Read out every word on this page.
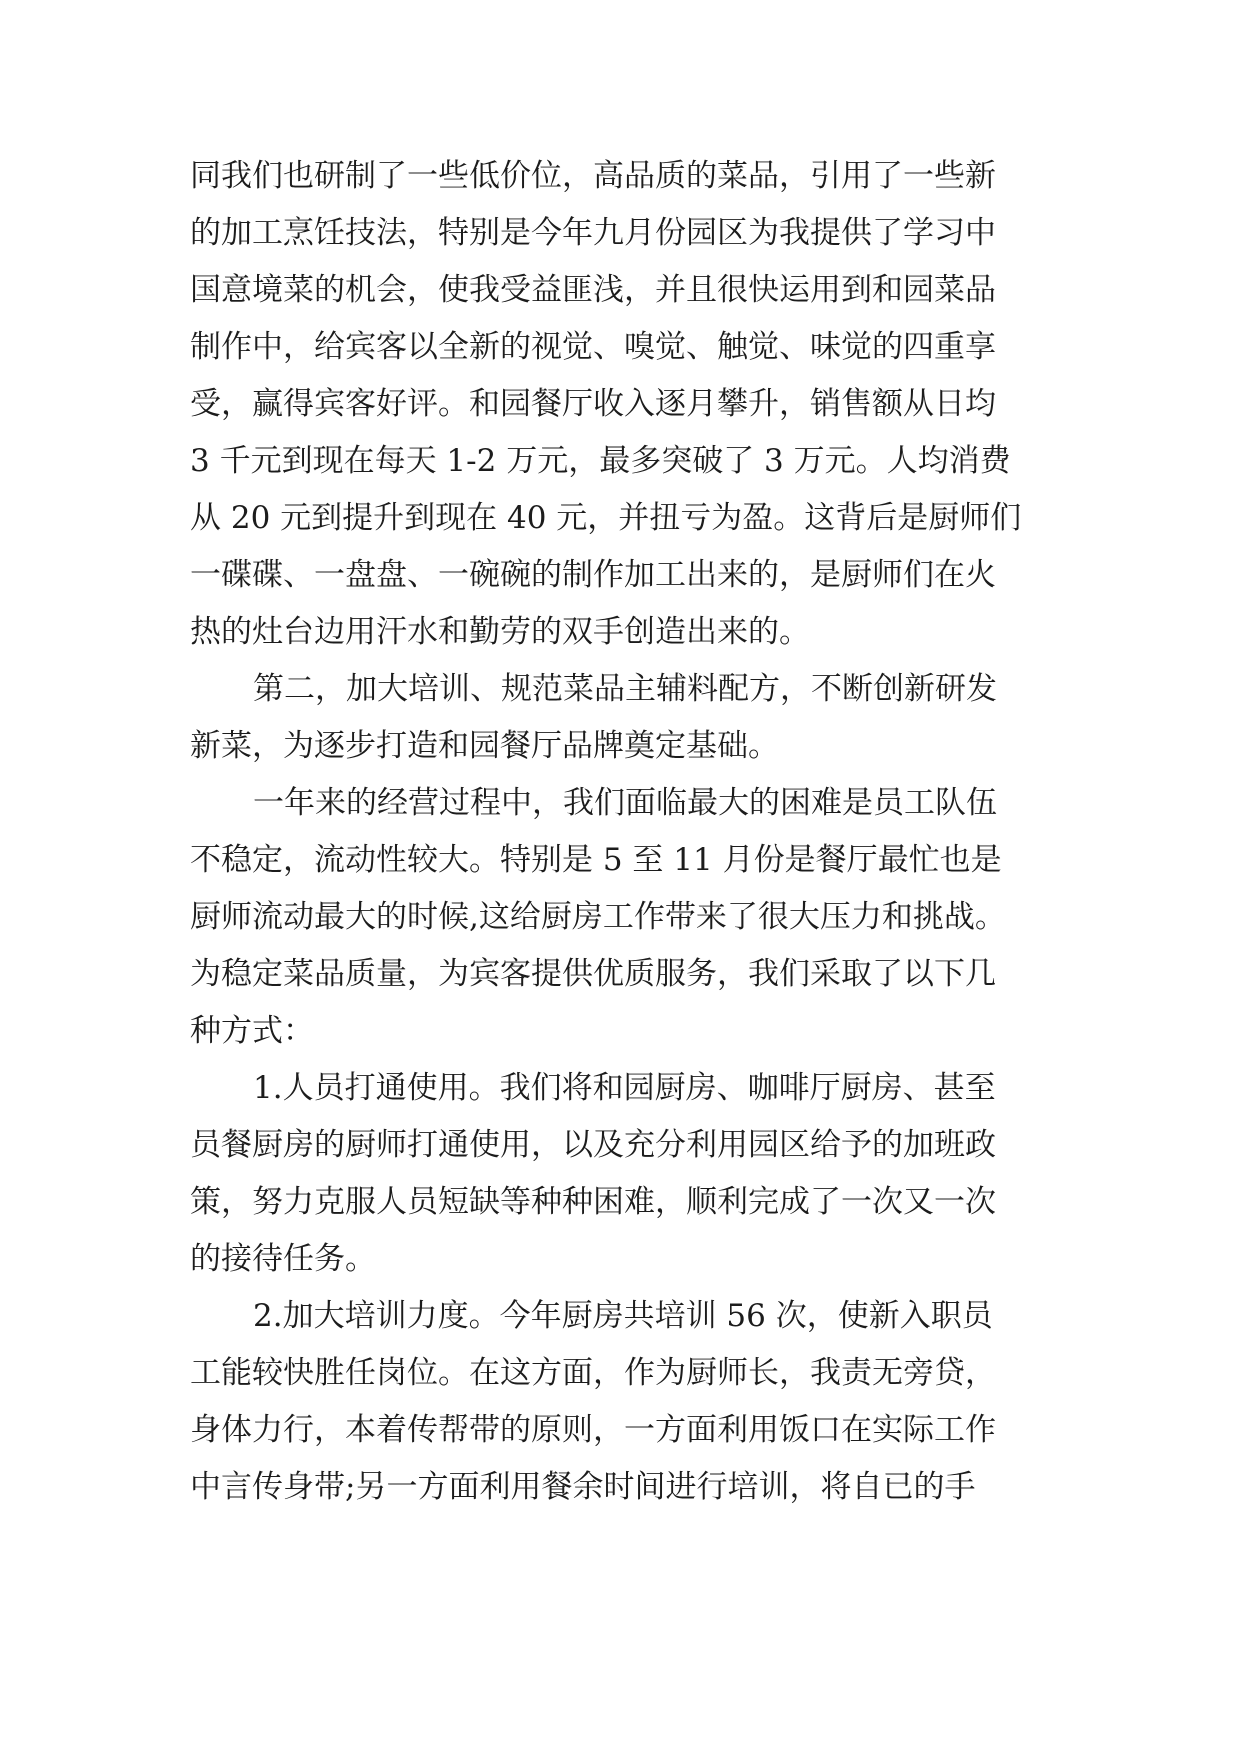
同我们也研制了一些低价位，高品质的菜品，引用了一些新

的加工烹饪技法，特别是今年九月份园区为我提供了学习中

国意境菜的机会，使我受益匪浅，并且很快运用到和园菜品

制作中，给宾客以全新的视觉、嗅觉、触觉、味觉的四重享

受，赢得宾客好评。和园餐厅收入逐月攀升，销售额从日均

3 千元到现在每天 1-2 万元，最多突破了 3 万元。人均消费

从 20 元到提升到现在 40 元，并扭亏为盈。这背后是厨师们

一碟碟、一盘盘、一碗碗的制作加工出来的，是厨师们在火

热的灶台边用汗水和勤劳的双手创造出来的。

第二，加大培训、规范菜品主辅料配方，不断创新研发

新菜，为逐步打造和园餐厅品牌奠定基础。

一年来的经营过程中，我们面临最大的困难是员工队伍

不稳定，流动性较大。特别是 5 至 11 月份是餐厅最忙也是

厨师流动最大的时候,这给厨房工作带来了很大压力和挑战。

为稳定菜品质量，为宾客提供优质服务，我们采取了以下几

种方式：

1.人员打通使用。我们将和园厨房、咖啡厅厨房、甚至

员餐厨房的厨师打通使用，以及充分利用园区给予的加班政

策，努力克服人员短缺等种种困难，顺利完成了一次又一次

的接待任务。

2.加大培训力度。今年厨房共培训 56 次，使新入职员

工能较快胜任岗位。在这方面，作为厨师长，我责无旁贷，

身体力行，本着传帮带的原则，一方面利用饭口在实际工作

中言传身带;另一方面利用餐余时间进行培训，将自已的手
